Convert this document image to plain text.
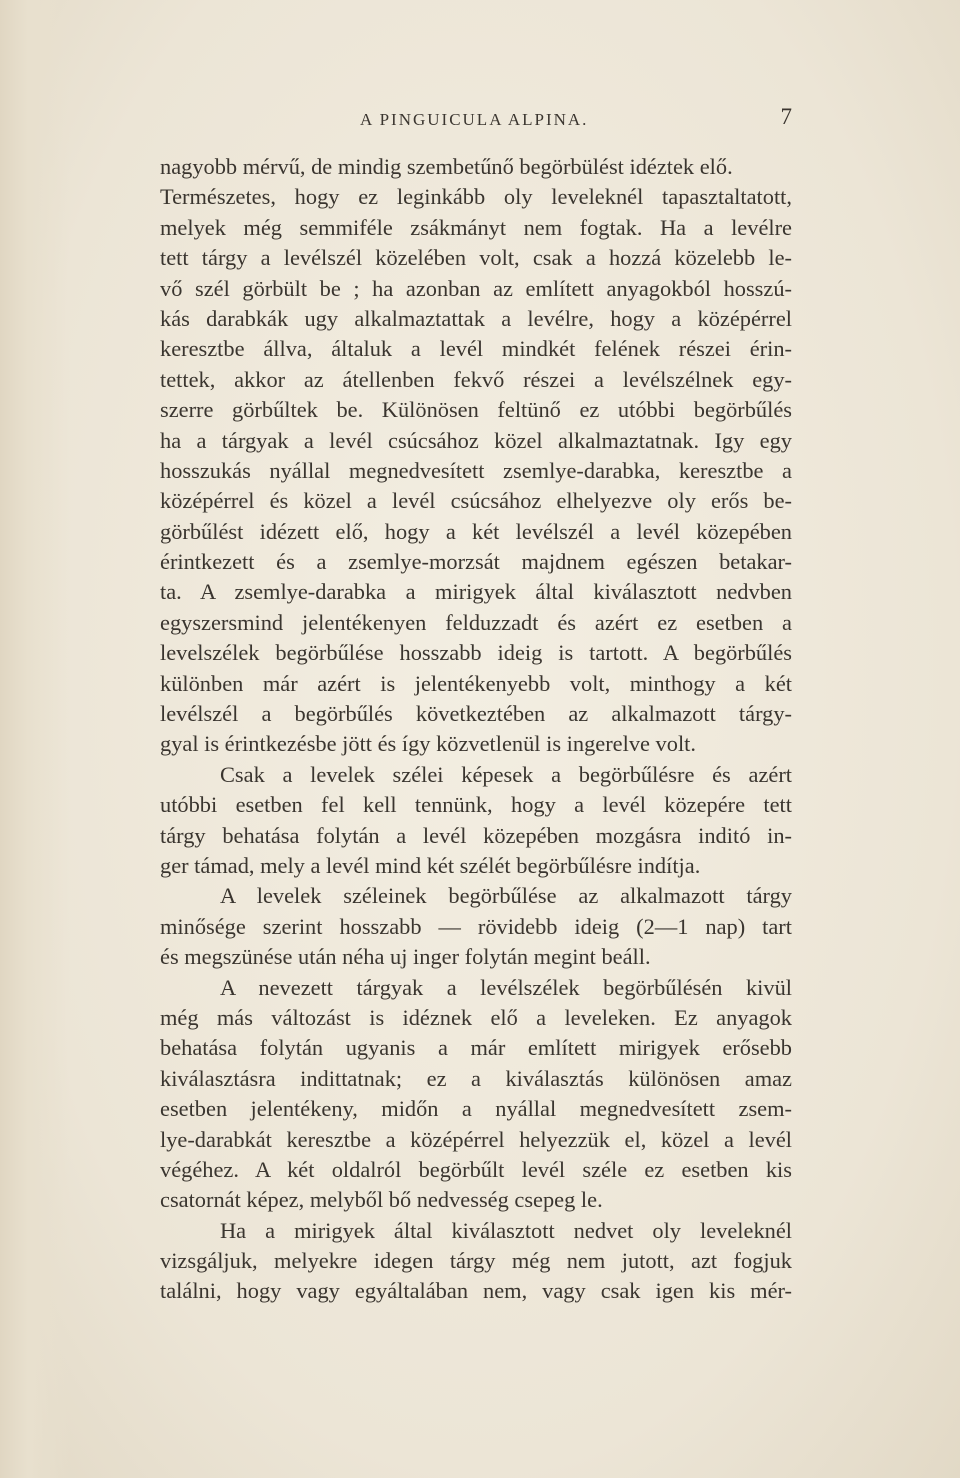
A PINGUICULA ALPINA.	7
nagyobb mérvű, de mindig szembetűnő begörbülést idéztek elő.
Természetes, hogy ez leginkább oly leveleknél tapasztaltatott,
melyek még semmiféle zsákmányt nem fogtak. Ha a levélre
tett tárgy a levélszél közelében volt, csak a hozzá közelebb le-
vő szél görbült be ; ha azonban az említett anyagokból hosszú-
kás darabkák ugy alkalmaztattak a levélre, hogy a középérrel
keresztbe állva, általuk a levél mindkét felének részei érin-
tettek, akkor az átellenben fekvő részei a levélszélnek egy-
szerre görbűltek be. Különösen feltünő ez utóbbi begörbűlés
ha a tárgyak a levél csúcsához közel alkalmaztatnak. Igy egy
hosszukás nyállal megnedvesített zsemlye-darabka, keresztbe a
középérrel és közel a levél csúcsához elhelyezve oly erős be-
görbűlést idézett elő, hogy a két levélszél a levél közepében
érintkezett és a zsemlye-morzsát majdnem egészen betakar-
ta. A zsemlye-darabka a mirigyek által kiválasztott nedvben
egyszersmind jelentékenyen felduzzadt és azért ez esetben a
levelszélek begörbűlése hosszabb ideig is tartott. A begörbűlés
különben már azért is jelentékenyebb volt, minthogy a két
levélszél a begörbűlés következtében az alkalmazott tárgy-
gyal is érintkezésbe jött és így közvetlenül is ingerelve volt.
Csak a levelek szélei képesek a begörbűlésre és azért
utóbbi esetben fel kell tennünk, hogy a levél közepére tett
tárgy behatása folytán a levél közepében mozgásra inditó in-
ger támad, mely a levél mind két szélét begörbűlésre indítja.
A levelek széleinek begörbűlése az alkalmazott tárgy
minősége szerint hosszabb — rövidebb ideig (2—1 nap) tart
és megszünése után néha uj inger folytán megint beáll.
A nevezett tárgyak a levélszélek begörbűlésén kivül
még más változást is idéznek elő a leveleken. Ez anyagok
behatása folytán ugyanis a már említett mirigyek erősebb
kiválasztásra indittatnak; ez a kiválasztás különösen amaz
esetben jelentékeny, midőn a nyállal megnedvesített zsem-
lye-darabkát keresztbe a középérrel helyezzük el, közel a levél
végéhez. A két oldalról begörbűlt levél széle ez esetben kis
csatornát képez, melyből bő nedvesség csepeg le.
Ha a mirigyek által kiválasztott nedvet oly leveleknél
vizsgáljuk, melyekre idegen tárgy még nem jutott, azt fogjuk
találni, hogy vagy egyáltalában nem, vagy csak igen kis mér-
